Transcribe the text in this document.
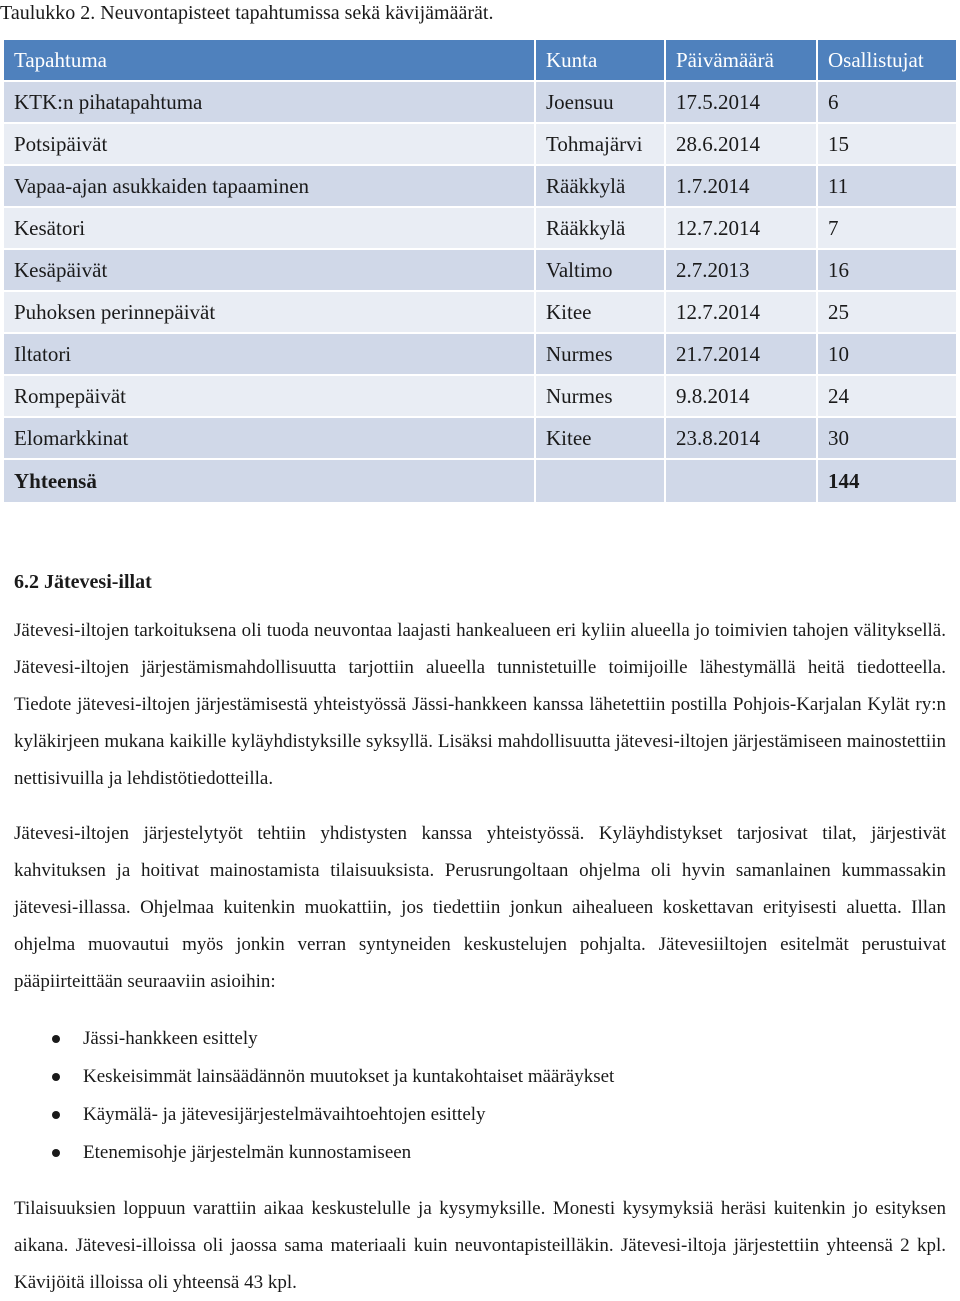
Taulukko 2. Neuvontapisteet tapahtumissa sekä kävijämäärät.
Tapahtuma	Kunta	Päivämäärä	Osallistujat
KTK:n pihatapahtuma	Joensuu	17.5.2014	6
Potsipäivät	Tohmajärvi	28.6.2014	15
Vapaa-ajan asukkaiden tapaaminen	Rääkkylä	1.7.2014	11
Kesätori	Rääkkylä	12.7.2014	7
Kesäpäivät	Valtimo	2.7.2013	16
Puhoksen perinnepäivät	Kitee	12.7.2014	25
Iltatori	Nurmes	21.7.2014	10
Rompepäivät	Nurmes	9.8.2014	24
Elomarkkinat	Kitee	23.8.2014	30
Yhteensä			144
6.2 Jätevesi-illat

Jätevesi-iltojen tarkoituksena oli tuoda neuvontaa laajasti hankealueen eri kyliin alueella jo toimivien tahojen välityksellä. Jätevesi-iltojen järjestämismahdollisuutta tarjottiin alueella tunnistetuille toimijoille lähestymällä heitä tiedotteella. Tiedote jätevesi-iltojen järjestämisestä yhteistyössä Jässi-hankkeen kanssa lähetettiin postilla Pohjois-Karjalan Kylät ry:n kyläkirjeen mukana kaikille kyläyhdistyksille syksyllä. Lisäksi mahdollisuutta jätevesi-iltojen järjestämiseen mainostettiin nettisivuilla ja lehdistötiedotteilla.

Jätevesi-iltojen järjestelytyöt tehtiin yhdistysten kanssa yhteistyössä. Kyläyhdistykset tarjosivat tilat, järjestivät kahvituksen ja hoitivat mainostamista tilaisuuksista. Perusrungoltaan ohjelma oli hyvin samanlainen kummassakin jätevesi-illassa. Ohjelmaa kuitenkin muokattiin, jos tiedettiin jonkun aihealueen koskettavan erityisesti aluetta. Illan ohjelma muovautui myös jonkin verran syntyneiden keskustelujen pohjalta. Jätevesiiltojen esitelmät perustuivat pääpiirteittään seuraaviin asioihin:

Jässi-hankkeen esittely
Keskeisimmät lainsäädännön muutokset ja kuntakohtaiset määräykset
Käymälä- ja jätevesijärjestelmävaihtoehtojen esittely
Etenemisohje järjestelmän kunnostamiseen

Tilaisuuksien loppuun varattiin aikaa keskustelulle ja kysymyksille. Monesti kysymyksiä heräsi kuitenkin jo esityksen aikana. Jätevesi-illoissa oli jaossa sama materiaali kuin neuvontapisteilläkin. Jätevesi-iltoja järjestettiin yhteensä 2 kpl. Kävijöitä illoissa oli yhteensä 43 kpl.
